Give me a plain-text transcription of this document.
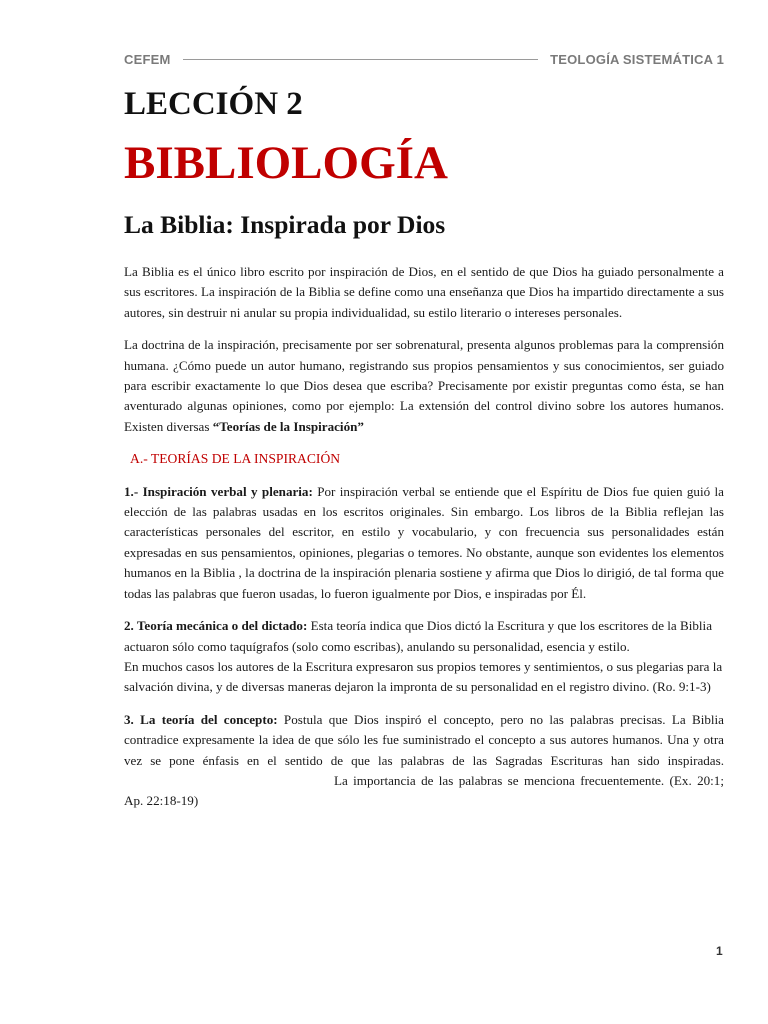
CEFEM	TEOLOGÍA SISTEMÁTICA 1
LECCIÓN 2
BIBLIOLOGÍA
La Biblia: Inspirada por Dios

La Biblia es el único libro escrito por inspiración de Dios, en el sentido de que Dios ha guiado personalmente a sus escritores. La inspiración de la Biblia se define como una enseñanza que Dios ha impartido directamente a sus autores, sin destruir ni anular su propia individualidad, su estilo literario o intereses personales.

La doctrina de la inspiración, precisamente por ser sobrenatural, presenta algunos problemas para la comprensión humana. ¿Cómo puede un autor humano, registrando sus propios pensamientos y sus conocimientos, ser guiado para escribir exactamente lo que Dios desea que escriba? Precisamente por existir preguntas como ésta, se han aventurado algunas opiniones, como por ejemplo: La extensión del control divino sobre los autores humanos. Existen diversas “Teorías de la Inspiración”

A.- TEORÍAS DE LA INSPIRACIÓN

1.- Inspiración verbal y plenaria: Por inspiración verbal se entiende que el Espíritu de Dios fue quien guió la elección de las palabras usadas en los escritos originales. Sin embargo. Los libros de la Biblia reflejan las características personales del escritor, en estilo y vocabulario, y con frecuencia sus personalidades están expresadas en sus pensamientos, opiniones, plegarias o temores. No obstante, aunque son evidentes los elementos humanos en la Biblia , la doctrina de la inspiración plenaria sostiene y afirma que Dios lo dirigió, de tal forma que todas las palabras que fueron usadas, lo fueron igualmente por Dios, e inspiradas por Él.

2. Teoría mecánica o del dictado: Esta teoría indica que Dios dictó la Escritura y que los escritores de la Biblia actuaron sólo como taquígrafos (solo como escribas), anulando su personalidad, esencia y estilo.
En muchos casos los autores de la Escritura expresaron sus propios temores y sentimientos, o sus plegarias para la salvación divina, y de diversas maneras dejaron la impronta de su personalidad en el registro divino. (Ro. 9:1-3)

3. La teoría del concepto: Postula que Dios inspiró el concepto, pero no las palabras precisas. La Biblia contradice expresamente la idea de que sólo les fue suministrado el concepto a sus autores humanos. Una y otra vez se pone énfasis en el sentido de que las palabras de las Sagradas Escrituras han sido inspiradas.La importancia de las palabras se menciona frecuentemente. (Ex. 20:1; Ap. 22:18-19)

1
